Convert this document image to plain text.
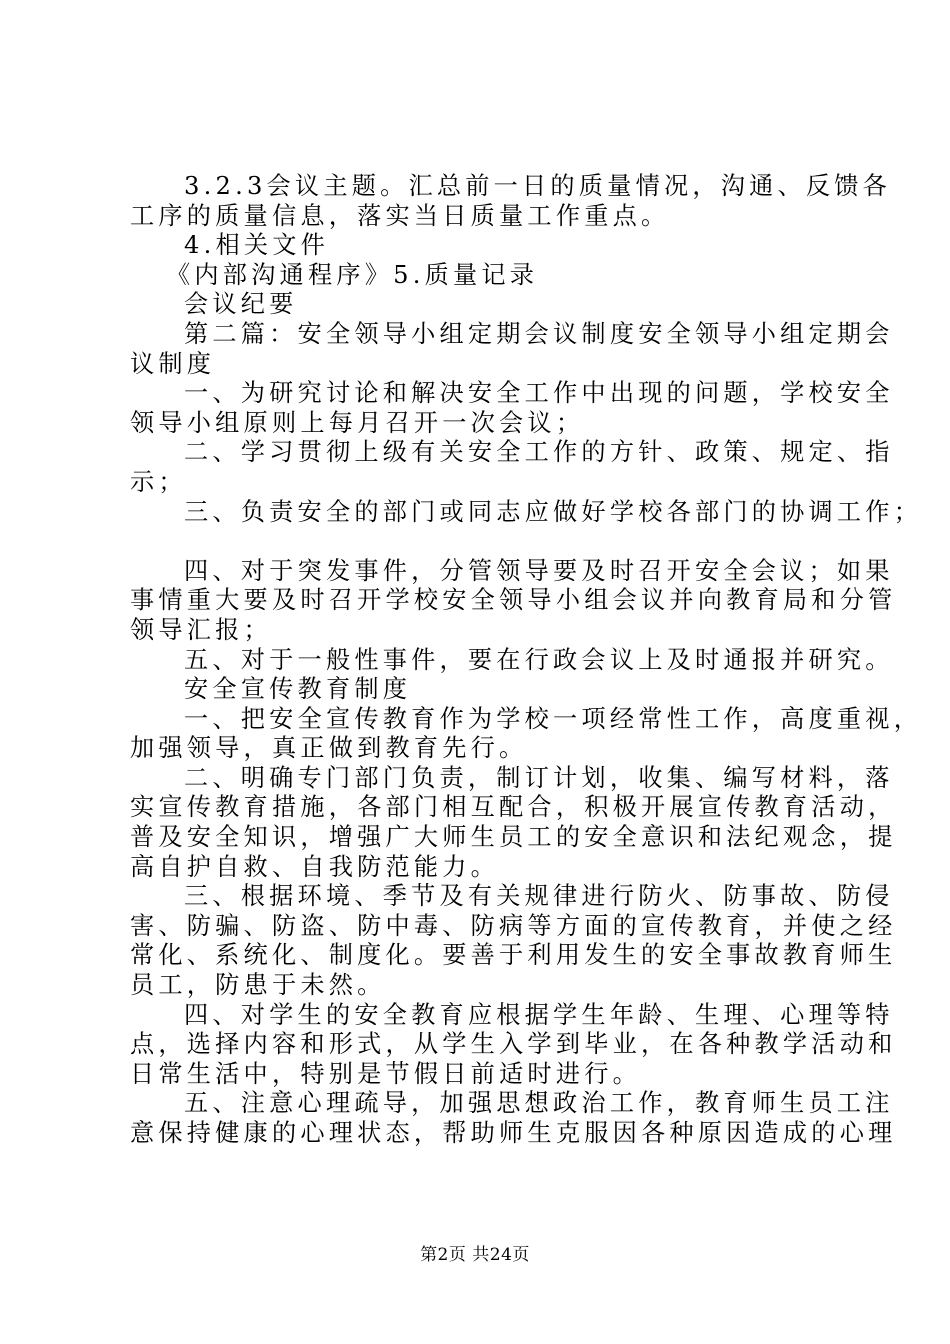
3.2.3会议主题。汇总前一日的质量情况，沟通、反馈各
工序的质量信息，落实当日质量工作重点。

4.相关文件

《内部沟通程序》5.质量记录

会议纪要

第二篇：安全领导小组定期会议制度安全领导小组定期会
议制度

一、为研究讨论和解决安全工作中出现的问题，学校安全
领导小组原则上每月召开一次会议；

二、学习贯彻上级有关安全工作的方针、政策、规定、指
示；

三、负责安全的部门或同志应做好学校各部门的协调工作；

四、对于突发事件，分管领导要及时召开安全会议；如果
事情重大要及时召开学校安全领导小组会议并向教育局和分管
领导汇报；

五、对于一般性事件，要在行政会议上及时通报并研究。

安全宣传教育制度

一、把安全宣传教育作为学校一项经常性工作，高度重视，
加强领导，真正做到教育先行。

二、明确专门部门负责，制订计划，收集、编写材料，落
实宣传教育措施，各部门相互配合，积极开展宣传教育活动，
普及安全知识，增强广大师生员工的安全意识和法纪观念，提
高自护自救、自我防范能力。

三、根据环境、季节及有关规律进行防火、防事故、防侵
害、防骗、防盗、防中毒、防病等方面的宣传教育，并使之经
常化、系统化、制度化。要善于利用发生的安全事故教育师生
员工，防患于未然。

四、对学生的安全教育应根据学生年龄、生理、心理等特
点，选择内容和形式，从学生入学到毕业，在各种教学活动和
日常生活中，特别是节假日前适时进行。

五、注意心理疏导，加强思想政治工作，教育师生员工注
意保持健康的心理状态，帮助师生克服因各种原因造成的心理

第2页 共24页
